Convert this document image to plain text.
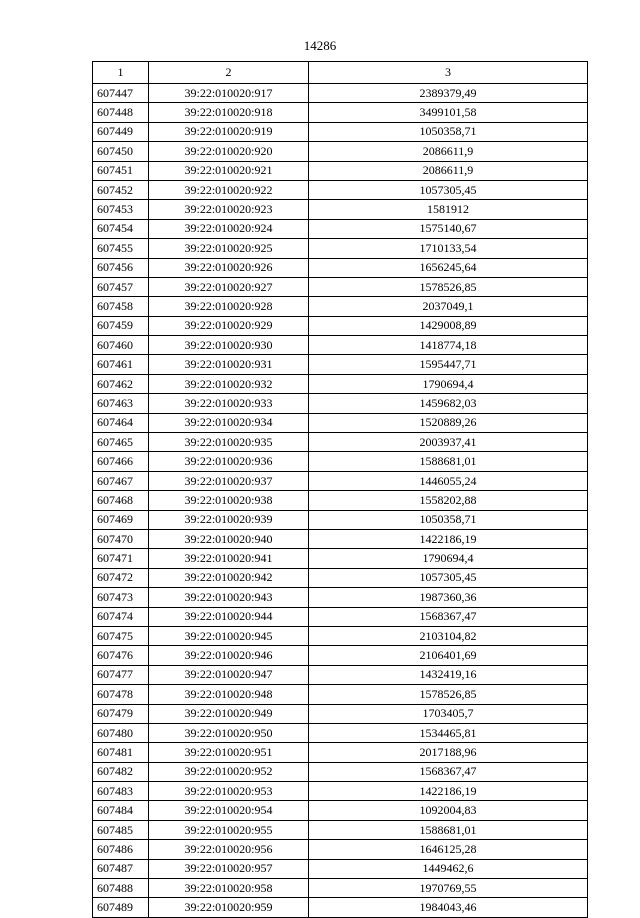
14286
1	2	3
607447	39:22:010020:917	2389379,49
607448	39:22:010020:918	3499101,58
607449	39:22:010020:919	1050358,71
607450	39:22:010020:920	2086611,9
607451	39:22:010020:921	2086611,9
607452	39:22:010020:922	1057305,45
607453	39:22:010020:923	1581912
607454	39:22:010020:924	1575140,67
607455	39:22:010020:925	1710133,54
607456	39:22:010020:926	1656245,64
607457	39:22:010020:927	1578526,85
607458	39:22:010020:928	2037049,1
607459	39:22:010020:929	1429008,89
607460	39:22:010020:930	1418774,18
607461	39:22:010020:931	1595447,71
607462	39:22:010020:932	1790694,4
607463	39:22:010020:933	1459682,03
607464	39:22:010020:934	1520889,26
607465	39:22:010020:935	2003937,41
607466	39:22:010020:936	1588681,01
607467	39:22:010020:937	1446055,24
607468	39:22:010020:938	1558202,88
607469	39:22:010020:939	1050358,71
607470	39:22:010020:940	1422186,19
607471	39:22:010020:941	1790694,4
607472	39:22:010020:942	1057305,45
607473	39:22:010020:943	1987360,36
607474	39:22:010020:944	1568367,47
607475	39:22:010020:945	2103104,82
607476	39:22:010020:946	2106401,69
607477	39:22:010020:947	1432419,16
607478	39:22:010020:948	1578526,85
607479	39:22:010020:949	1703405,7
607480	39:22:010020:950	1534465,81
607481	39:22:010020:951	2017188,96
607482	39:22:010020:952	1568367,47
607483	39:22:010020:953	1422186,19
607484	39:22:010020:954	1092004,83
607485	39:22:010020:955	1588681,01
607486	39:22:010020:956	1646125,28
607487	39:22:010020:957	1449462,6
607488	39:22:010020:958	1970769,55
607489	39:22:010020:959	1984043,46
